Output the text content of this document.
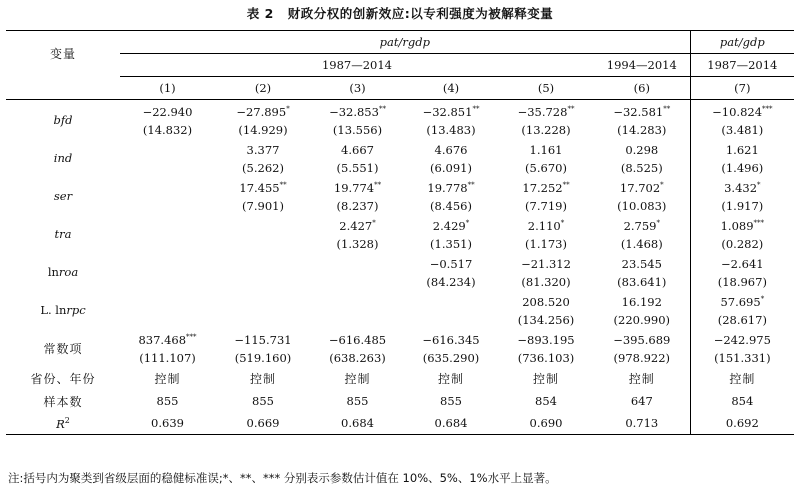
表 2 财政分权的创新效应:以专利强度为被解释变量
变量	pat/rgdp						pat/gdp
	1987—2014					1994—2014	1987—2014
	(1)	(2)	(3)	(4)	(5)	(6)	(7)
bfd	−22.940	−27.895*	−32.853**	−32.851**	−35.728**	−32.581**	−10.824***
	(14.832)	(14.929)	(13.556)	(13.483)	(13.228)	(14.283)	(3.481)
ind		3.377	4.667	4.676	1.161	0.298	1.621
		(5.262)	(5.551)	(6.091)	(5.670)	(8.525)	(1.496)
ser		17.455**	19.774**	19.778**	17.252**	17.702*	3.432*
		(7.901)	(8.237)	(8.456)	(7.719)	(10.083)	(1.917)
tra			2.427*	2.429*	2.110*	2.759*	1.089***
			(1.328)	(1.351)	(1.173)	(1.468)	(0.282)
lnroa				−0.517	−21.312	23.545	−2.641
				(84.234)	(81.320)	(83.641)	(18.967)
L. lnrpc					208.520	16.192	57.695*
					(134.256)	(220.990)	(28.617)
常数项	837.468***	−115.731	−616.485	−616.345	−893.195	−395.689	−242.975
	(111.107)	(519.160)	(638.263)	(635.290)	(736.103)	(978.922)	(151.331)
省份、年份	控制	控制	控制	控制	控制	控制	控制
样本数	855	855	855	855	854	647	854
$R^2$	0.639	0.669	0.684	0.684	0.690	0.713	0.692
注:括号内为聚类到省级层面的稳健标准误;*、**、*** 分别表示参数估计值在 10%、5%、1%水平上显著。
